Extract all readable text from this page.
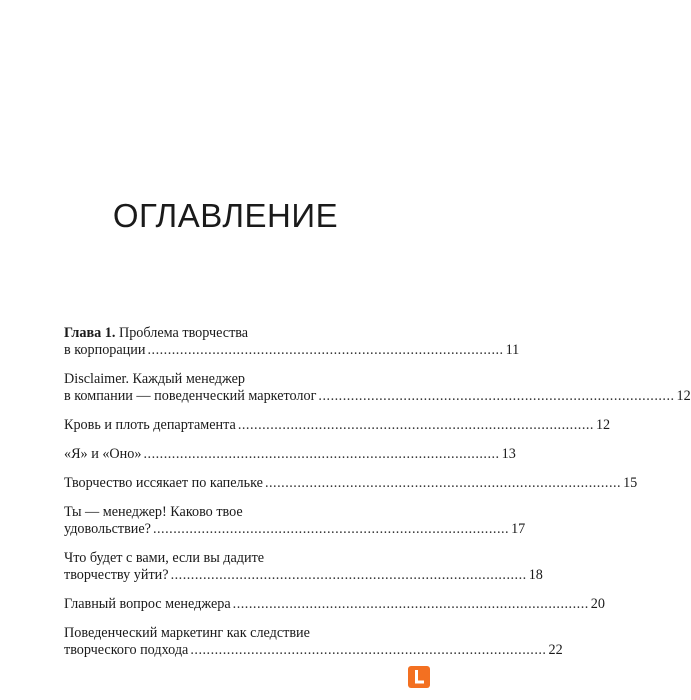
ОГЛАВЛЕНИЕ
Глава 1. Проблема творчества
в корпорации ........................................................................................ 11
Disclaimer. Каждый менеджер
в компании — поведенческий маркетолог ........................................................................................ 12
Кровь и плоть департамента ........................................................................................ 12
«Я» и «Оно» ........................................................................................ 13
Творчество иссякает по капельке ........................................................................................ 15
Ты — менеджер! Каково твое
удовольствие? ........................................................................................ 17
Что будет с вами, если вы дадите
творчеству уйти? ........................................................................................ 18
Главный вопрос менеджера ........................................................................................ 20
Поведенческий маркетинг как следствие
творческого подхода ........................................................................................ 22
